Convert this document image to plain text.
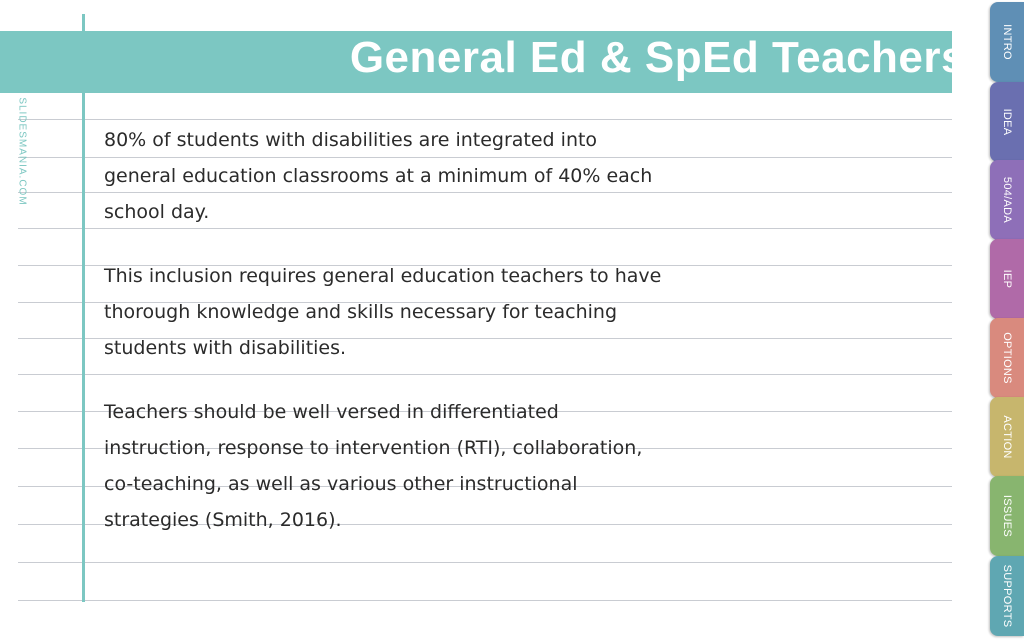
General Ed & SpEd Teachers
SLIDESMANIA.COM	80% of students with disabilities are integrated into general education classrooms at a minimum of 40% each school day.

This inclusion requires general education teachers to have thorough knowledge and skills necessary for teaching students with disabilities.

Teachers should be well versed in differentiated instruction, response to intervention (RTI), collaboration, co-teaching, as well as various other instructional strategies (Smith, 2016).

INTRO
IDEA
504/ADA
IEP
OPTIONS
ACTION
ISSUES
SUPPORTS
